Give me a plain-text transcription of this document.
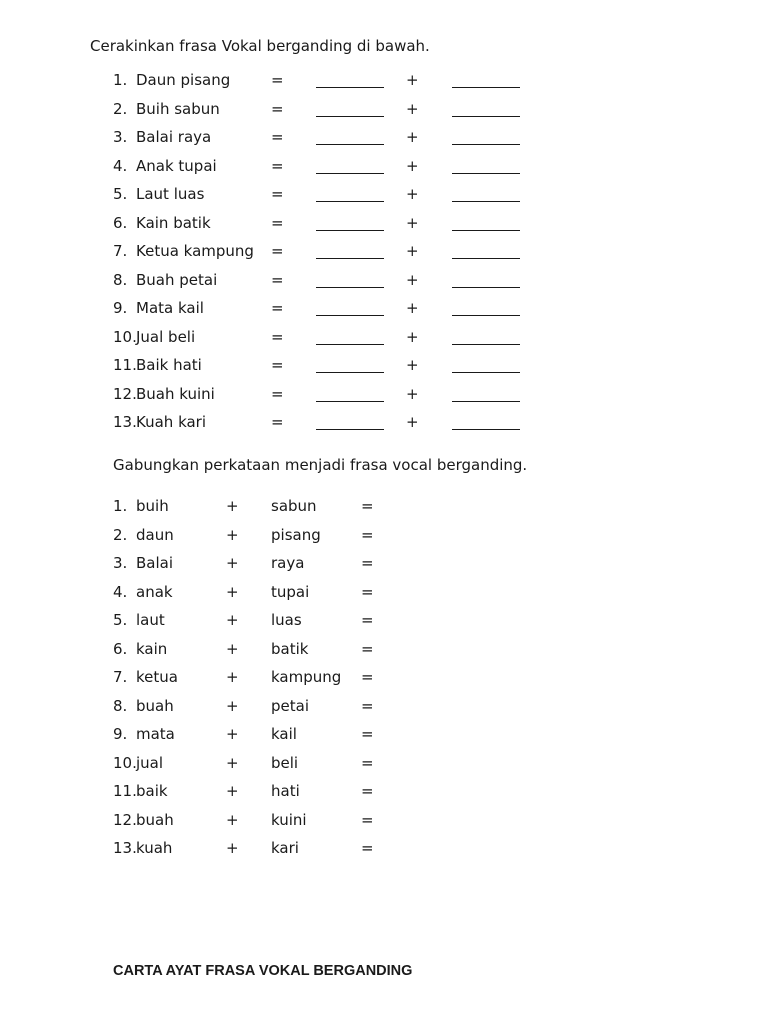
Cerakinkan frasa Vokal berganding di bawah.
1. Daun pisang	=	+
2. Buih sabun	=	+
3. Balai raya	=	+
4. Anak tupai	=	+
5. Laut luas	=	+
6. Kain batik	=	+
7. Ketua kampung =	+
8. Buah petai	=	+
9. Mata kail	=	+
10. Jual beli	=	+
11. Baik hati	=	+
12. Buah kuini	=	+
13. Kuah kari	=	+
Gabungkan perkataan menjadi frasa vocal berganding.
1. buih	+ sabun	=
2. daun	+ pisang	=
3. Balai	+ raya	=
4. anak	+ tupai	=
5. laut	+ luas	=
6. kain	+ batik	=
7. ketua	+ kampung =
8. buah	+ petai	=
9. mata	+ kail	=
10. jual	+ beli	=
11. baik	+ hati	=
12. buah	+ kuini	=
13. kuah	+ kari	=
CARTA AYAT FRASA VOKAL BERGANDING
